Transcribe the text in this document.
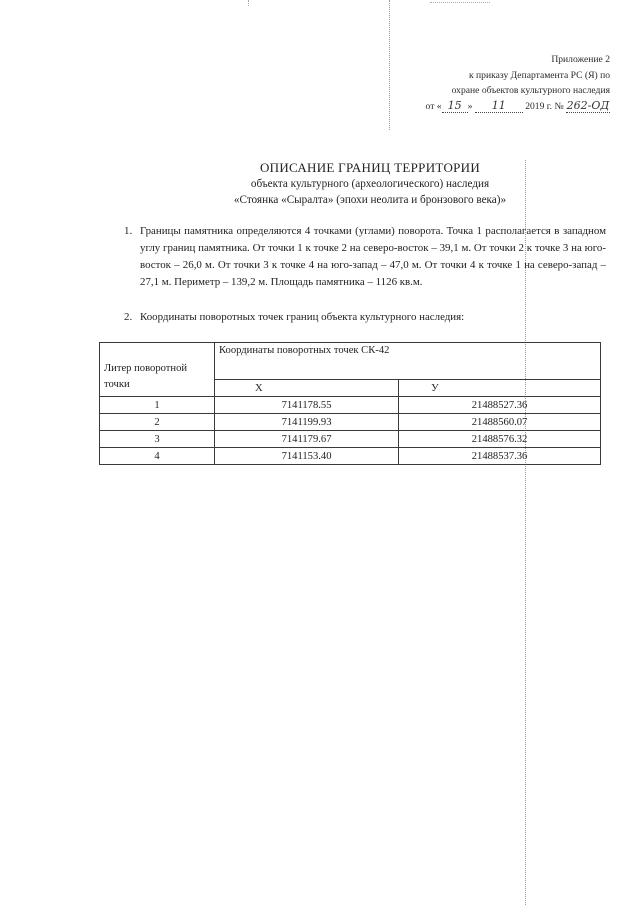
Приложение 2
к приказу Департамента РС (Я) по
охране объектов культурного наследия
от « 15 » 11 2019 г. № 262-ОД
ОПИСАНИЕ ГРАНИЦ ТЕРРИТОРИИ
объекта культурного (археологического) наследия
«Стоянка «Сыралта» (эпохи неолита и бронзового века)»
1. Границы памятника определяются 4 точками (углами) поворота. Точка 1 располагается в западном углу границ памятника. От точки 1 к точке 2 на северо-восток – 39,1 м. От точки 2 к точке 3 на юго-восток – 26,0 м. От точки 3 к точке 4 на юго-запад – 47,0 м. От точки 4 к точке 1 на северо-запад – 27,1 м. Периметр – 139,2 м. Площадь памятника – 1126 кв.м.
2. Координаты поворотных точек границ объекта культурного наследия:
Литер поворотной точки	Координаты поворотных точек СК-42	
	Х	У
1	7141178.55	21488527.36
2	7141199.93	21488560.07
3	7141179.67	21488576.32
4	7141153.40	21488537.36
